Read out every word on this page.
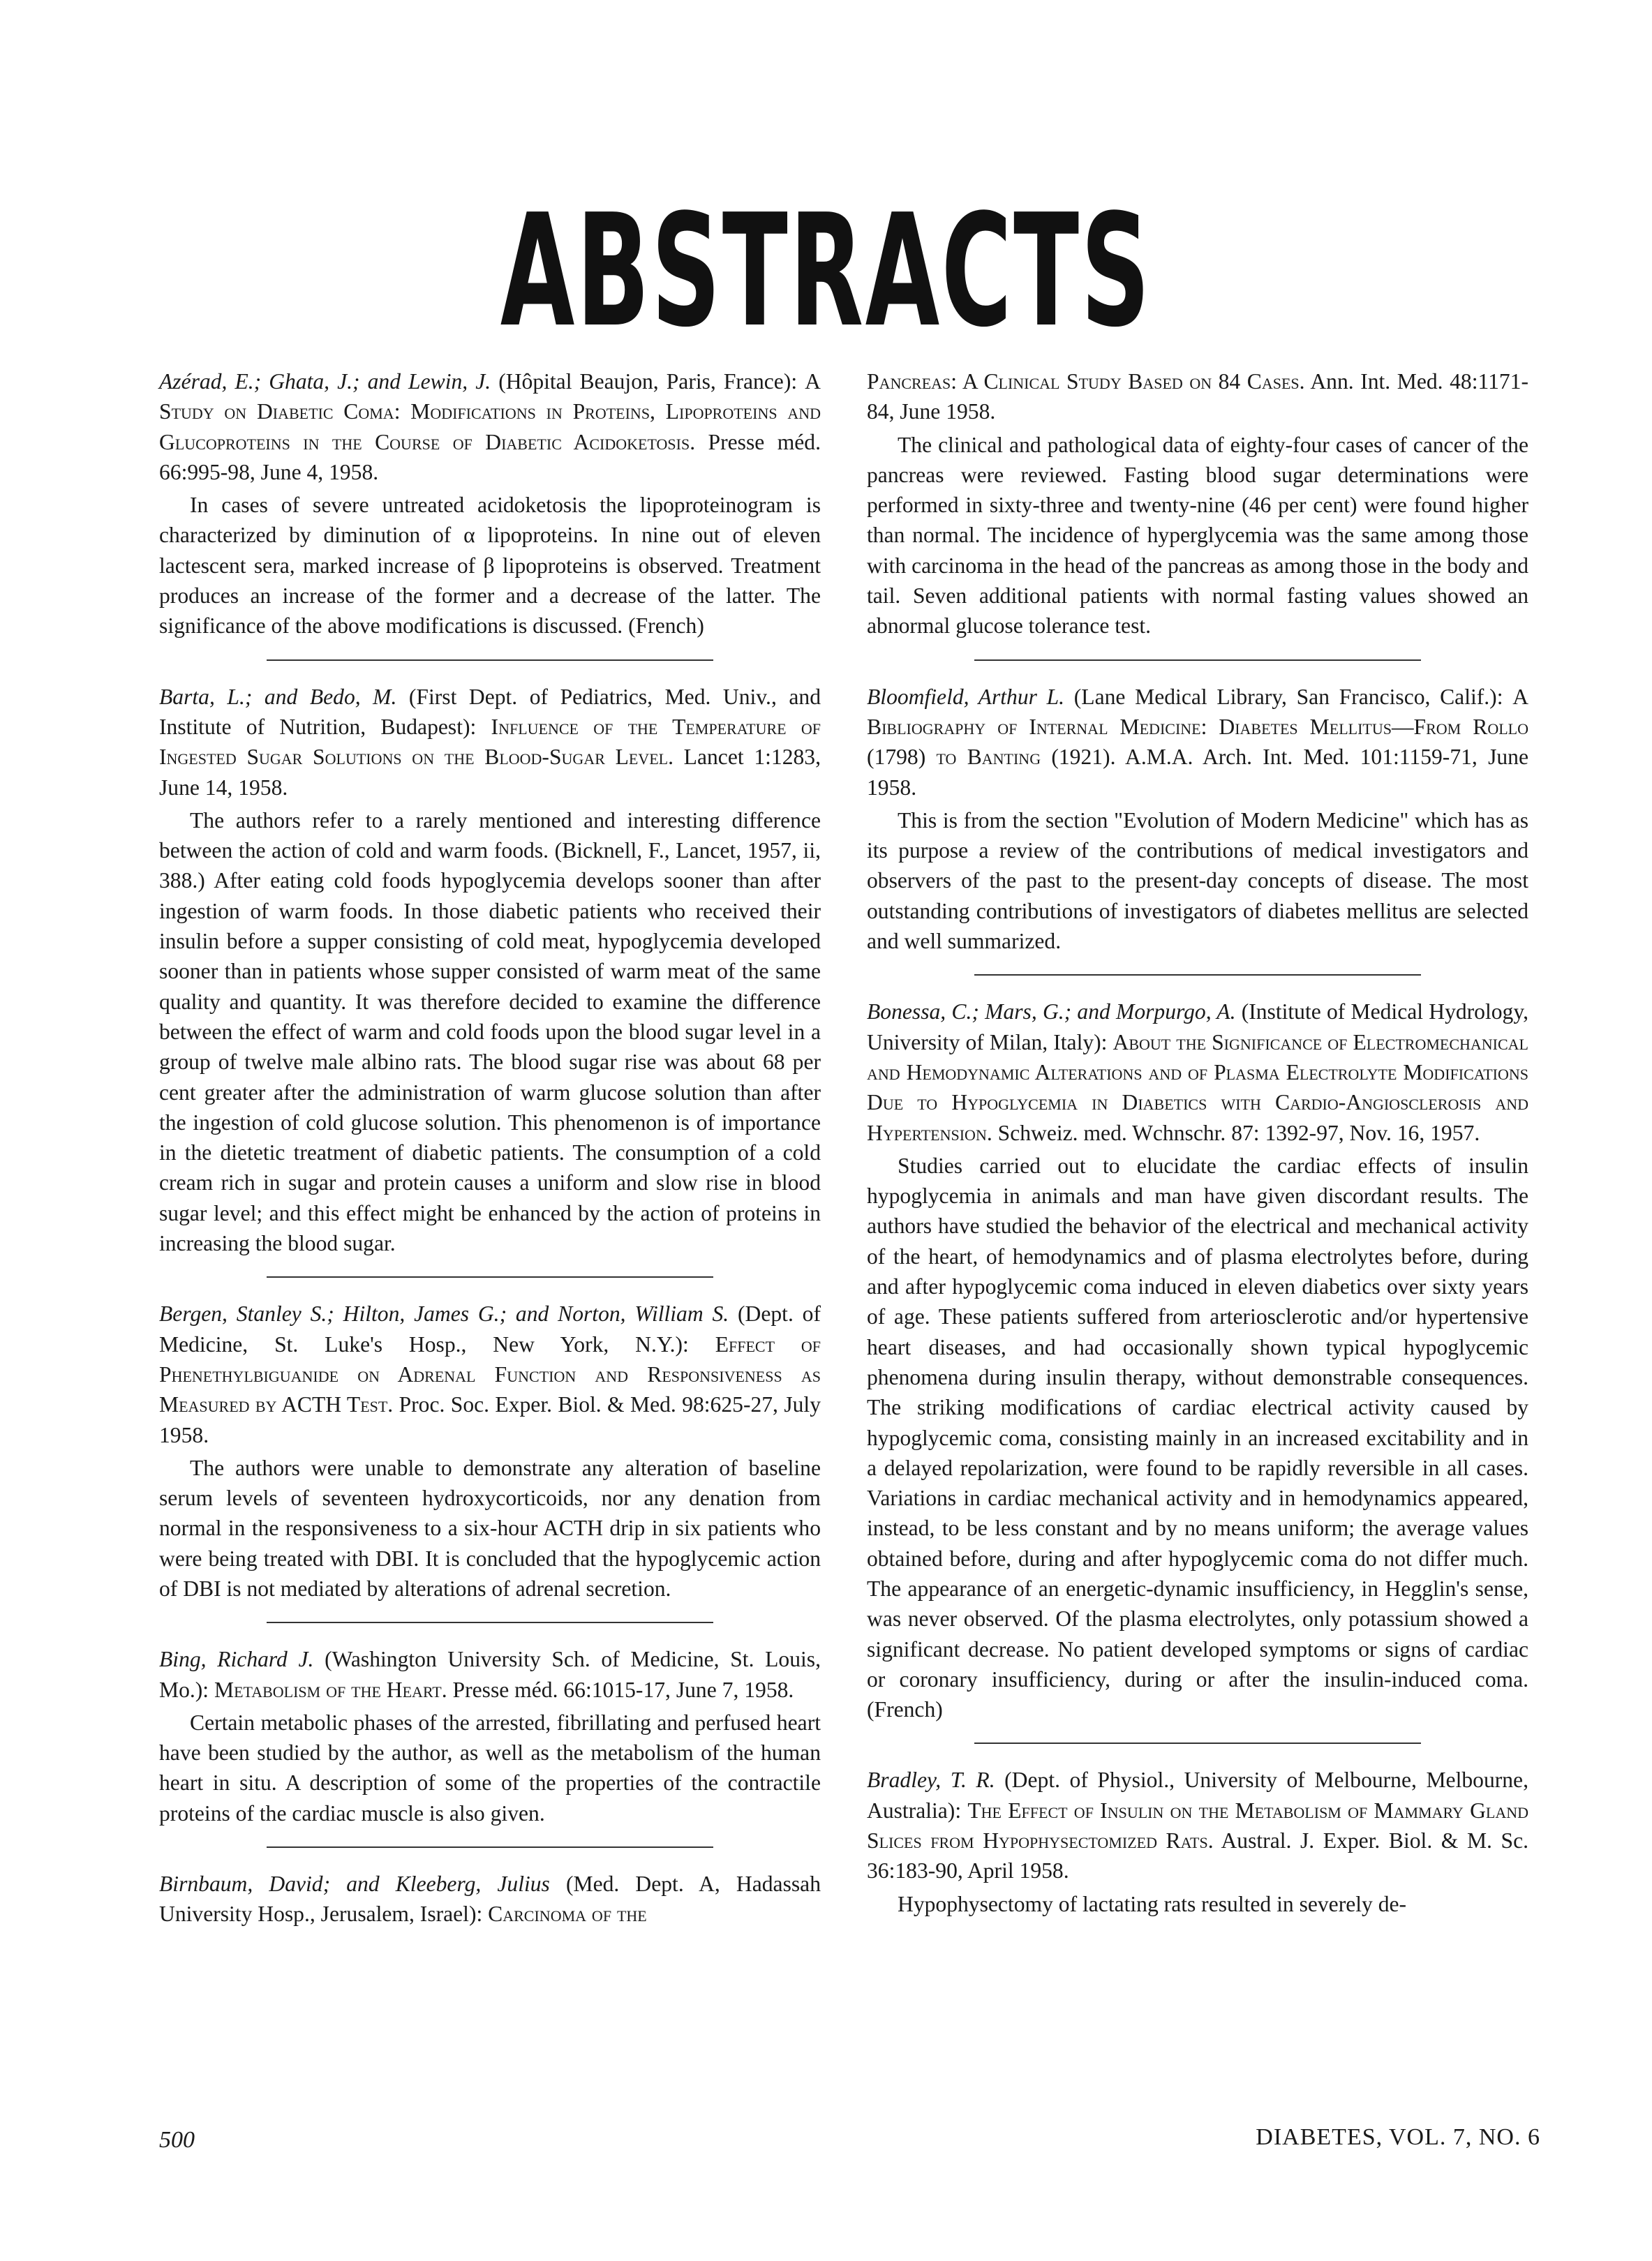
ABSTRACTS
Azérad, E.; Ghata, J.; and Lewin, J. (Hôpital Beaujon, Paris, France): A Study on Diabetic Coma: Modifications in Proteins, Lipoproteins and Glucoproteins in the Course of Diabetic Acidoketosis. Presse méd. 66:995-98, June 4, 1958.

In cases of severe untreated acidoketosis the lipoproteinogram is characterized by diminution of α lipoproteins. In nine out of eleven lactescent sera, marked increase of β lipoproteins is observed. Treatment produces an increase of the former and a decrease of the latter. The significance of the above modifications is discussed. (French)

Barta, L.; and Bedo, M. (First Dept. of Pediatrics, Med. Univ., and Institute of Nutrition, Budapest): Influence of the Temperature of Ingested Sugar Solutions on the Blood-Sugar Level. Lancet 1:1283, June 14, 1958.

The authors refer to a rarely mentioned and interesting difference between the action of cold and warm foods. (Bicknell, F., Lancet, 1957, ii, 388.) After eating cold foods hypoglycemia develops sooner than after ingestion of warm foods. In those diabetic patients who received their insulin before a supper consisting of cold meat, hypoglycemia developed sooner than in patients whose supper consisted of warm meat of the same quality and quantity. It was therefore decided to examine the difference between the effect of warm and cold foods upon the blood sugar level in a group of twelve male albino rats. The blood sugar rise was about 68 per cent greater after the administration of warm glucose solution than after the ingestion of cold glucose solution. This phenomenon is of importance in the dietetic treatment of diabetic patients. The consumption of a cold cream rich in sugar and protein causes a uniform and slow rise in blood sugar level; and this effect might be enhanced by the action of proteins in increasing the blood sugar.

Bergen, Stanley S.; Hilton, James G.; and Norton, William S. (Dept. of Medicine, St. Luke's Hosp., New York, N.Y.): Effect of Phenethylbiguanide on Adrenal Function and Responsiveness as Measured by ACTH Test. Proc. Soc. Exper. Biol. & Med. 98:625-27, July 1958.

The authors were unable to demonstrate any alteration of baseline serum levels of seventeen hydroxycorticoids, nor any denation from normal in the responsiveness to a six-hour ACTH drip in six patients who were being treated with DBI. It is concluded that the hypoglycemic action of DBI is not mediated by alterations of adrenal secretion.

Bing, Richard J. (Washington University Sch. of Medicine, St. Louis, Mo.): Metabolism of the Heart. Presse méd. 66:1015-17, June 7, 1958.

Certain metabolic phases of the arrested, fibrillating and perfused heart have been studied by the author, as well as the metabolism of the human heart in situ. A description of some of the properties of the contractile proteins of the cardiac muscle is also given.

Birnbaum, David; and Kleeberg, Julius (Med. Dept. A, Hadassah University Hosp., Jerusalem, Israel): Carcinoma of the
Pancreas: A Clinical Study Based on 84 Cases. Ann. Int. Med. 48:1171-84, June 1958.

The clinical and pathological data of eighty-four cases of cancer of the pancreas were reviewed. Fasting blood sugar determinations were performed in sixty-three and twenty-nine (46 per cent) were found higher than normal. The incidence of hyperglycemia was the same among those with carcinoma in the head of the pancreas as among those in the body and tail. Seven additional patients with normal fasting values showed an abnormal glucose tolerance test.

Bloomfield, Arthur L. (Lane Medical Library, San Francisco, Calif.): A Bibliography of Internal Medicine: Diabetes Mellitus—From Rollo (1798) to Banting (1921). A.M.A. Arch. Int. Med. 101:1159-71, June 1958.

This is from the section "Evolution of Modern Medicine" which has as its purpose a review of the contributions of medical investigators and observers of the past to the present-day concepts of disease. The most outstanding contributions of investigators of diabetes mellitus are selected and well summarized.

Bonessa, C.; Mars, G.; and Morpurgo, A. (Institute of Medical Hydrology, University of Milan, Italy): About the Significance of Electromechanical and Hemodynamic Alterations and of Plasma Electrolyte Modifications Due to Hypoglycemia in Diabetics with Cardio-Angiosclerosis and Hypertension. Schweiz. med. Wchnschr. 87: 1392-97, Nov. 16, 1957.

Studies carried out to elucidate the cardiac effects of insulin hypoglycemia in animals and man have given discordant results. The authors have studied the behavior of the electrical and mechanical activity of the heart, of hemodynamics and of plasma electrolytes before, during and after hypoglycemic coma induced in eleven diabetics over sixty years of age. These patients suffered from arteriosclerotic and/or hypertensive heart diseases, and had occasionally shown typical hypoglycemic phenomena during insulin therapy, without demonstrable consequences. The striking modifications of cardiac electrical activity caused by hypoglycemic coma, consisting mainly in an increased excitability and in a delayed repolarization, were found to be rapidly reversible in all cases. Variations in cardiac mechanical activity and in hemodynamics appeared, instead, to be less constant and by no means uniform; the average values obtained before, during and after hypoglycemic coma do not differ much. The appearance of an energetic-dynamic insufficiency, in Hegglin's sense, was never observed. Of the plasma electrolytes, only potassium showed a significant decrease. No patient developed symptoms or signs of cardiac or coronary insufficiency, during or after the insulin-induced coma. (French)

Bradley, T. R. (Dept. of Physiol., University of Melbourne, Melbourne, Australia): The Effect of Insulin on the Metabolism of Mammary Gland Slices from Hypophysectomized Rats. Austral. J. Exper. Biol. & M. Sc. 36:183-90, April 1958.

Hypophysectomy of lactating rats resulted in severely de-

500	DIABETES, VOL. 7, NO. 6
